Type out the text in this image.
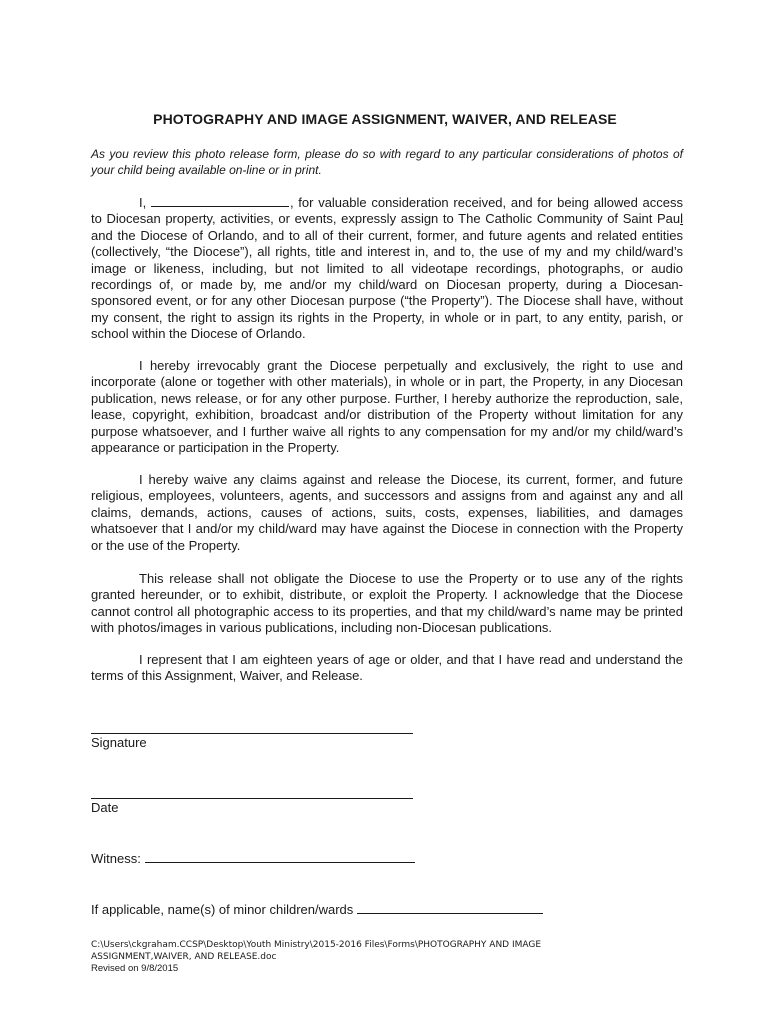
PHOTOGRAPHY AND IMAGE ASSIGNMENT, WAIVER, AND RELEASE
As you review this photo release form, please do so with regard to any particular considerations of photos of your child being available on-line or in print.
I,	, for valuable consideration received, and for being allowed access to Diocesan property, activities, or events, expressly assign to The Catholic Community of Saint Paul and the Diocese of Orlando, and to all of their current, former, and future agents and related entities (collectively, “the Diocese”), all rights, title and interest in, and to, the use of my and my child/ward’s image or likeness, including, but not limited to all videotape recordings, photographs, or audio recordings of, or made by, me and/or my child/ward on Diocesan property, during a Diocesan-sponsored event, or for any other Diocesan purpose (“the Property”). The Diocese shall have, without my consent, the right to assign its rights in the Property, in whole or in part, to any entity, parish, or school within the Diocese of Orlando.
I hereby irrevocably grant the Diocese perpetually and exclusively, the right to use and incorporate (alone or together with other materials), in whole or in part, the Property, in any Diocesan publication, news release, or for any other purpose. Further, I hereby authorize the reproduction, sale, lease, copyright, exhibition, broadcast and/or distribution of the Property without limitation for any purpose whatsoever, and I further waive all rights to any compensation for my and/or my child/ward’s appearance or participation in the Property.
I hereby waive any claims against and release the Diocese, its current, former, and future religious, employees, volunteers, agents, and successors and assigns from and against any and all claims, demands, actions, causes of actions, suits, costs, expenses, liabilities, and damages whatsoever that I and/or my child/ward may have against the Diocese in connection with the Property or the use of the Property.
This release shall not obligate the Diocese to use the Property or to use any of the rights granted hereunder, or to exhibit, distribute, or exploit the Property. I acknowledge that the Diocese cannot control all photographic access to its properties, and that my child/ward’s name may be printed with photos/images in various publications, including non-Diocesan publications.
I represent that I am eighteen years of age or older, and that I have read and understand the terms of this Assignment, Waiver, and Release.
Signature
Date
Witness:
If applicable, name(s) of minor children/wards
C:\Users\ckgraham.CCSP\Desktop\Youth Ministry\2015-2016 Files\Forms\PHOTOGRAPHY AND IMAGE
ASSIGNMENT,WAIVER, AND RELEASE.doc
Revised on 9/8/2015
